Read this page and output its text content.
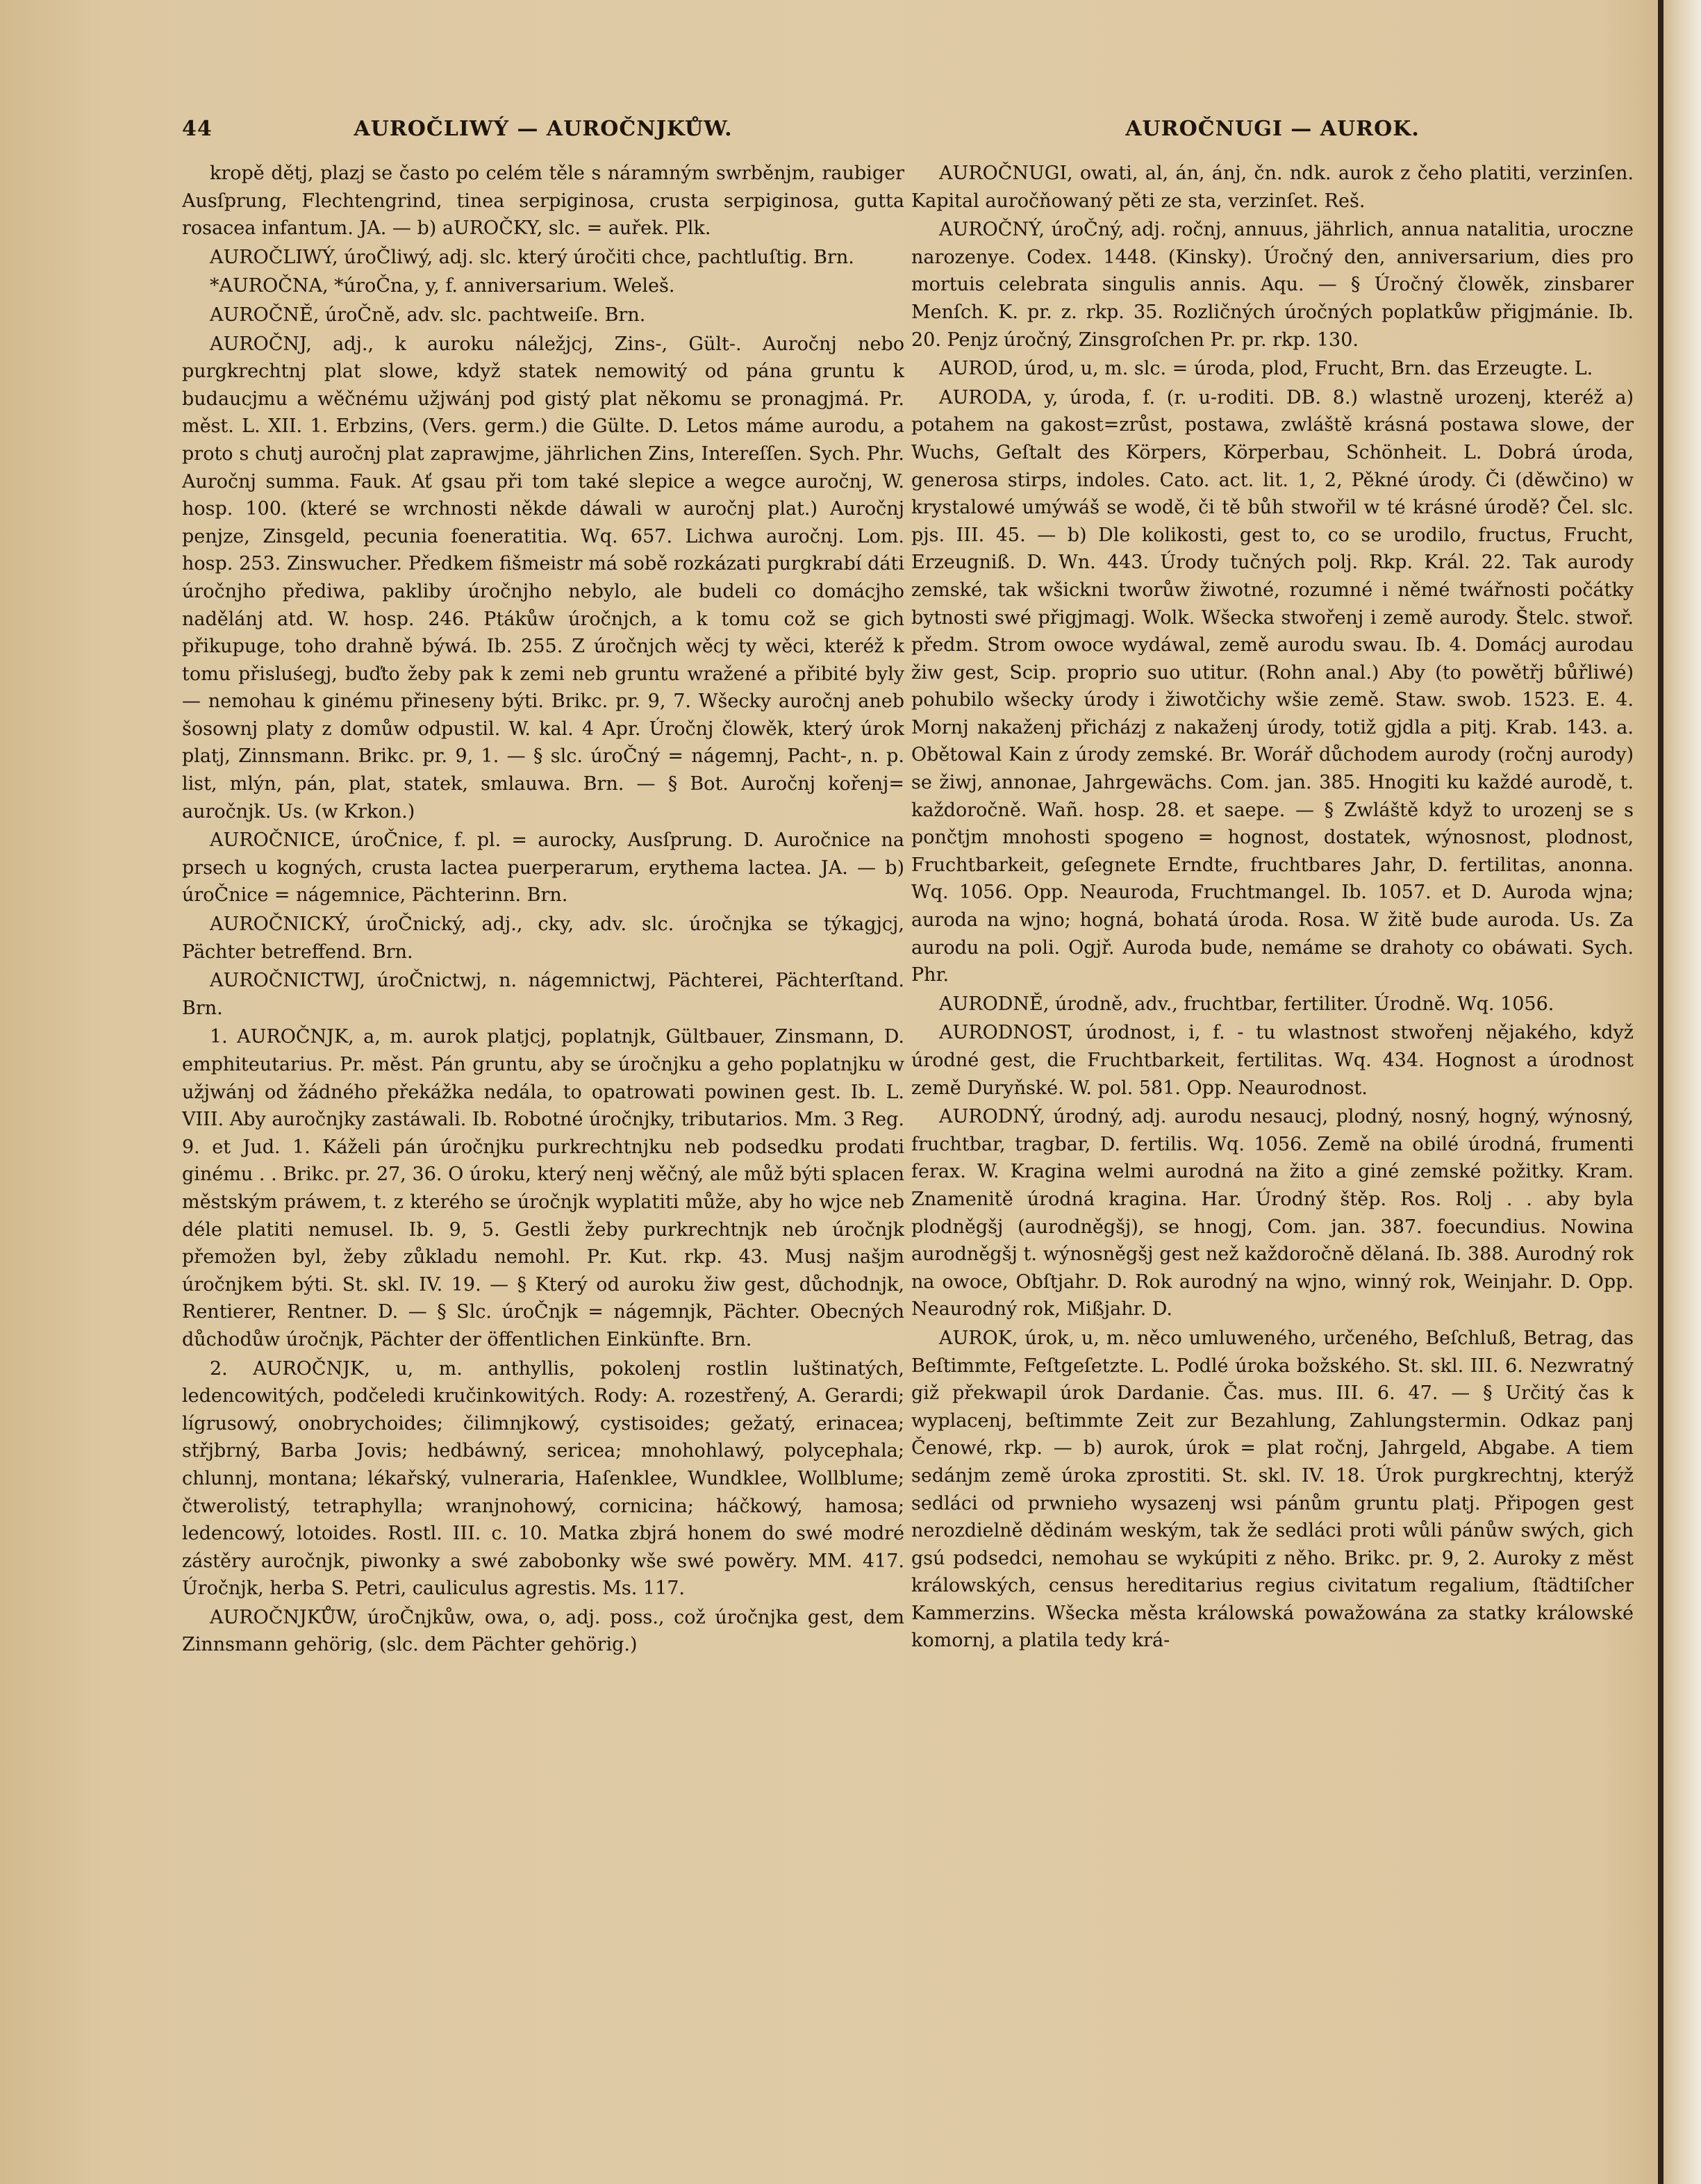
44	AUROČLIWÝ — AUROČNJKŮW.	AUROČNUGI — AUROK.

kropě dětj, plazj se často po celém těle s náramným swrběnjm, raubiger Ausſprung, Flechtengrind, tinea serpiginosa, crusta serpiginosa, gutta rosacea infantum. JA. — b) aUROČKY, slc. = auřek. Plk.

AUROČLIWÝ, úroČliwý, adj. slc. který úročiti chce, pachtluſtig. Brn.

*AUROČNA, *úroČna, y, f. anniversarium. Weleš.

AUROČNĚ, úroČně, adv. slc. pachtweiſe. Brn.

AUROČNJ, adj., k auroku náležjcj, Zins-, Gült-. Auročnj nebo purgkrechtnj plat slowe, když statek nemowitý od pána gruntu k budaucjmu a wěčnému užjwánj pod gistý plat někomu se pronagjmá. Pr. měst. L. XII. 1. Erbzins, (Vers. germ.) die Gülte. D. Letos máme aurodu, a proto s chutj auročnj plat zaprawjme, jährlichen Zins, Intereſſen. Sych. Phr. Auročnj summa. Fauk. Ať gsau při tom také slepice a wegce auročnj, W. hosp. 100. (které se wrchnosti někde dáwali w auročnj plat.) Auročnj penjze, Zinsgeld, pecunia foeneratitia. Wq. 657. Lichwa auročnj. Lom. hosp. 253. Zinswucher. Předkem fišmeistr má sobě rozkázati purgkrabí dáti úročnjho přediwa, pakliby úročnjho nebylo, ale budeli co domácjho nadělánj atd. W. hosp. 246. Ptákůw úročnjch, a k tomu což se gich přikupuge, toho drahně býwá. Ib. 255. Z úročnjch wěcj ty wěci, kteréž k tomu přisluśegj, buďto žeby pak k zemi neb gruntu wražené a přibité byly — nemohau k ginému přineseny býti. Brikc. pr. 9, 7. Wšecky auročnj aneb šosownj platy z domůw odpustil. W. kal. 4 Apr. Úročnj člowěk, který úrok platj, Zinnsmann. Brikc. pr. 9, 1. — § slc. úroČný = nágemnj, Pacht-, n. p. list, mlýn, pán, plat, statek, smlauwa. Brn. — § Bot. Auročnj kořenj= auročnjk. Us. (w Krkon.)

AUROČNICE, úroČnice, f. pl. = aurocky, Ausſprung. D. Auročnice na prsech u kogných, crusta lactea puerperarum, erythema lactea. JA. — b) úroČnice = nágemnice, Pächterinn. Brn.

AUROČNICKÝ, úroČnický, adj., cky, adv. slc. úročnjka se týkagjcj, Pächter betreffend. Brn.

AUROČNICTWJ, úroČnictwj, n. nágemnictwj, Pächterei, Pächterſtand. Brn.

1. AUROČNJK, a, m. aurok platjcj, poplatnjk, Gültbauer, Zinsmann, D. emphiteutarius. Pr. měst. Pán gruntu, aby se úročnjku a geho poplatnjku w užjwánj od žádného překážka nedála, to opatrowati powinen gest. Ib. L. VIII. Aby auročnjky zastáwali. Ib. Robotné úročnjky, tributarios. Mm. 3 Reg. 9. et Jud. 1. Káželi pán úročnjku purkrechtnjku neb podsedku prodati ginému . . Brikc. pr. 27, 36. O úroku, který nenj wěčný, ale můž býti splacen městským práwem, t. z kterého se úročnjk wyplatiti může, aby ho wjce neb déle platiti nemusel. Ib. 9, 5. Gestli žeby purkrechtnjk neb úročnjk přemožen byl, žeby zůkladu nemohl. Pr. Kut. rkp. 43. Musj našjm úročnjkem býti. St. skl. IV. 19. — § Který od auroku žiw gest, důchodnjk, Rentierer, Rentner. D. — § Slc. úroČnjk = nágemnjk, Pächter. Obecných důchodůw úročnjk, Pächter der öffentlichen Einkünfte. Brn.

2. AUROČNJK, u, m. anthyllis, pokolenj rostlin luštinatých, ledencowitých, podčeledi kručinkowitých. Rody: A. rozestřený, A. Gerardi; lígrusowý, onobrychoides; čilimnjkowý, cystisoides; gežatý, erinacea; střjbrný, Barba Jovis; hedbáwný, sericea; mnohohlawý, polycephala; chlunnj, montana; lékařský, vulneraria, Haſenklee, Wundklee, Wollblume; čtwerolistý, tetraphylla; wranjnohowý, cornicina; háčkowý, hamosa; ledencowý, lotoides. Rostl. III. c. 10. Matka zbjrá honem do swé modré zástěry auročnjk, piwonky a swé zabobonky wše swé powěry. MM. 417. Úročnjk, herba S. Petri, cauliculus agrestis. Ms. 117.

AUROČNJKŮW, úroČnjkůw, owa, o, adj. poss., což úročnjka gest, dem Zinnsmann gehörig, (slc. dem Pächter gehörig.)

AUROČNUGI, owati, al, án, ánj, čn. ndk. aurok z čeho platiti, verzinſen. Kapital auročňowaný pěti ze sta, verzinſet. Reš.

AUROČNÝ, úroČný, adj. ročnj, annuus, jährlich, annua natalitia, uroczne narozenye. Codex. 1448. (Kinsky). Úročný den, anniversarium, dies pro mortuis celebrata singulis annis. Aqu. — § Úročný člowěk, zinsbarer Menſch. K. pr. z. rkp. 35. Rozličných úročných poplatkůw přigjmánie. Ib. 20. Penjz úročný, Zinsgroſchen Pr. pr. rkp. 130.

AUROD, úrod, u, m. slc. = úroda, plod, Frucht, Brn. das Erzeugte. L.

AURODA, y, úroda, f. (r. u-roditi. DB. 8.) wlastně urozenj, kteréž a) potahem na gakost=zrůst, postawa, zwláště krásná postawa slowe, der Wuchs, Geſtalt des Körpers, Körperbau, Schönheit. L. Dobrá úroda, generosa stirps, indoles. Cato. act. lit. 1, 2, Pěkné úrody. Či (děwčino) w krystalowé umýwáš se wodě, či tě bůh stwořil w té krásné úrodě? Čel. slc. pjs. III. 45. — b) Dle kolikosti, gest to, co se urodilo, fructus, Frucht, Erzeugniß. D. Wn. 443. Úrody tučných polj. Rkp. Král. 22. Tak aurody zemské, tak wšickni tworůw žiwotné, rozumné i němé twářnosti počátky bytnosti swé přigjmagj. Wolk. Wšecka stwořenj i země aurody. Štelc. stwoř. předm. Strom owoce wydáwal, země aurodu swau. Ib. 4. Domácj aurodau žiw gest, Scip. proprio suo utitur. (Rohn anal.) Aby (to powětřj bůřliwé) pohubilo wšecky úrody i žiwotčichy wšie země. Staw. swob. 1523. E. 4. Mornj nakaženj přicházj z nakaženj úrody, totiž gjdla a pitj. Krab. 143. a. Obětowal Kain z úrody zemské. Br. Worář důchodem aurody (ročnj aurody) se žiwj, annonae, Jahrgewächs. Com. jan. 385. Hnogiti ku každé aurodě, t. každoročně. Wañ. hosp. 28. et saepe. — § Zwláště když to urozenj se s pončtjm mnohosti spogeno = hognost, dostatek, wýnosnost, plodnost, Fruchtbarkeit, geſegnete Erndte, fruchtbares Jahr, D. fertilitas, anonna. Wq. 1056. Opp. Neauroda, Fruchtmangel. Ib. 1057. et D. Auroda wjna; auroda na wjno; hogná, bohatá úroda. Rosa. W žitě bude auroda. Us. Za aurodu na poli. Ogjř. Auroda bude, nemáme se drahoty co obáwati. Sych. Phr.

AURODNĚ, úrodně, adv., fruchtbar, fertiliter. Úrodně. Wq. 1056.

AURODNOST, úrodnost, i, f. - tu wlastnost stwořenj nějakého, když úrodné gest, die Fruchtbarkeit, fertilitas. Wq. 434. Hognost a úrodnost země Duryňské. W. pol. 581. Opp. Neaurodnost.

AURODNÝ, úrodný, adj. aurodu nesaucj, plodný, nosný, hogný, wýnosný, fruchtbar, tragbar, D. fertilis. Wq. 1056. Země na obilé úrodná, frumenti ferax. W. Kragina welmi aurodná na žito a giné zemské požitky. Kram. Znamenitě úrodná kragina. Har. Úrodný štěp. Ros. Rolj . . aby byla plodněgšj (aurodněgšj), se hnogj, Com. jan. 387. foecundius. Nowina aurodněgšj t. wýnosněgšj gest než každoročně dělaná. Ib. 388. Aurodný rok na owoce, Obſtjahr. D. Rok aurodný na wjno, winný rok, Weinjahr. D. Opp. Neaurodný rok, Mißjahr. D.

AUROK, úrok, u, m. něco umluweného, určeného, Beſchluß, Betrag, das Beſtimmte, Feſtgeſetzte. L. Podlé úroka božského. St. skl. III. 6. Nezwratný giž překwapil úrok Dardanie. Čas. mus. III. 6. 47. — § Určitý čas k wyplacenj, beſtimmte Zeit zur Bezahlung, Zahlungstermin. Odkaz panj Čenowé, rkp. — b) aurok, úrok = plat ročnj, Jahrgeld, Abgabe. A tiem sedánjm země úroka zprostiti. St. skl. IV. 18. Úrok purgkrechtnj, kterýž sedláci od prwnieho wysazenj wsi pánům gruntu platj. Připogen gest nerozdielně dědinám weským, tak že sedláci proti wůli pánůw swých, gich gsú podsedci, nemohau se wykúpiti z něho. Brikc. pr. 9, 2. Auroky z měst králowských, census hereditarius regius civitatum regalium, ſtädtiſcher Kammerzins. Wšecka města králowská powažowána za statky králowské komornj, a platila tedy krá-
